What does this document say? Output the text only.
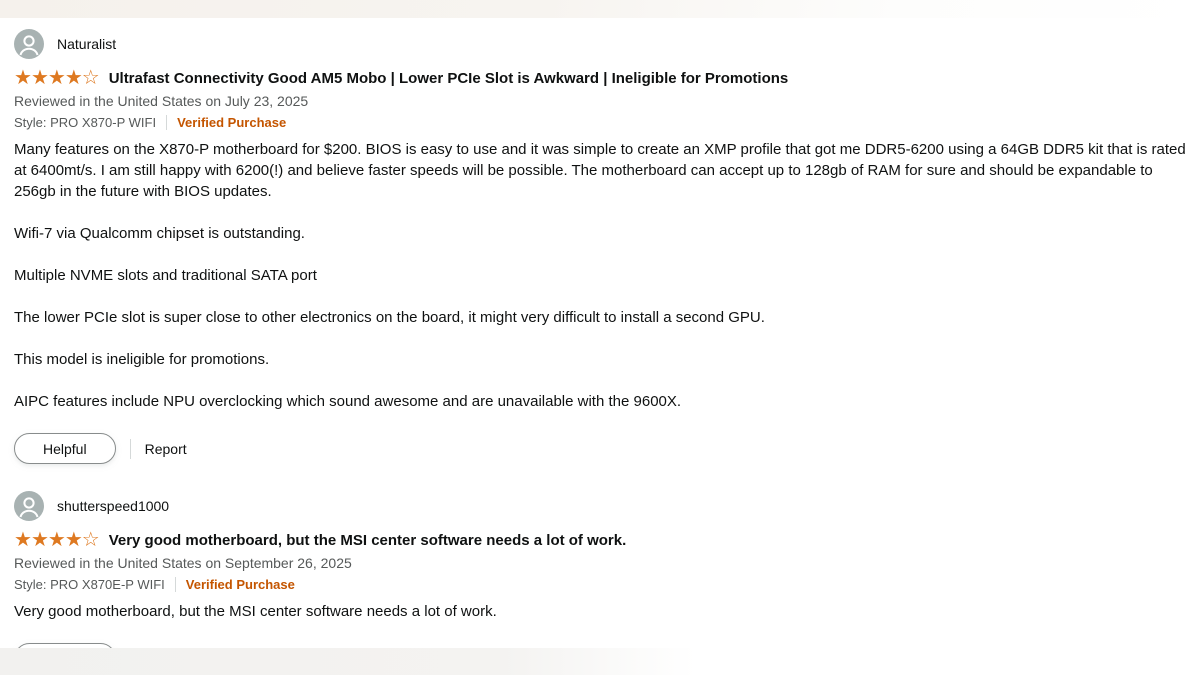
Naturalist
★ ★ ★ ★ ☆ Ultrafast Connectivity Good AM5 Mobo | Lower PCIe Slot is Awkward | Ineligible for Promotions
Reviewed in the United States on July 23, 2025
Style: PRO X870-P WIFI Verified Purchase

Many features on the X870-P motherboard for $200. BIOS is easy to use and it was simple to create an XMP profile that got me DDR5-6200 using a 64GB DDR5 kit that is rated at 6400mt/s. I am still happy with 6200(!) and believe faster speeds will be possible. The motherboard can accept up to 128gb of RAM for sure and should be expandable to 256gb in the future with BIOS updates.

Wifi-7 via Qualcomm chipset is outstanding.

Multiple NVME slots and traditional SATA port

The lower PCIe slot is super close to other electronics on the board, it might very difficult to install a second GPU.

This model is ineligible for promotions.

AIPC features include NPU overclocking which sound awesome and are unavailable with the 9600X.

Helpful	Report
shutterspeed1000
★ ★ ★ ★ ☆ Very good motherboard, but the MSI center software needs a lot of work.
Reviewed in the United States on September 26, 2025
Style: PRO X870E-P WIFI Verified Purchase

Very good motherboard, but the MSI center software needs a lot of work.
